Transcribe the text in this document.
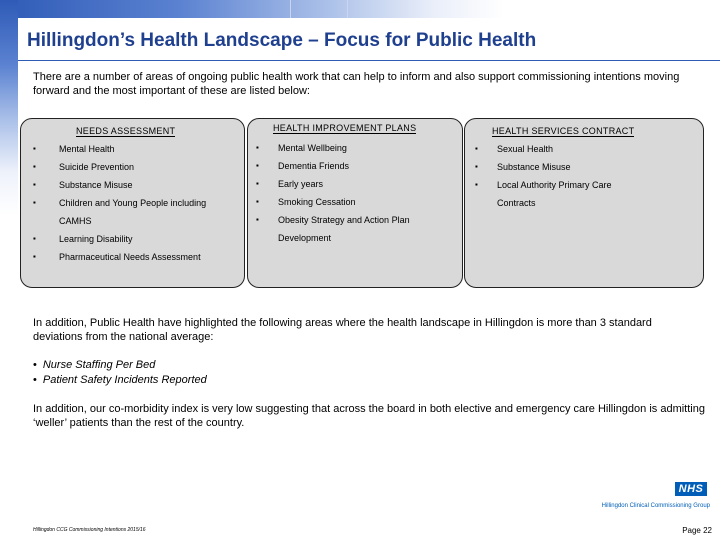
Hillingdon’s Health Landscape – Focus for Public Health
There are a number of areas of ongoing public health work that can help to inform and also support commissioning intentions moving forward and the most important of these are listed below:
NEEDS ASSESSMENT
▪	Mental Health
▪	Suicide Prevention
▪	Substance Misuse
▪	Children and Young People including
CAMHS
▪	Learning Disability
▪	Pharmaceutical Needs Assessment
HEALTH IMPROVEMENT PLANS
▪ Mental Wellbeing
▪ Dementia Friends
▪ Early years
▪ Smoking Cessation
▪ Obesity Strategy and Action Plan
Development
HEALTH SERVICES CONTRACT
▪ Sexual Health
▪ Substance Misuse
▪ Local Authority Primary Care
Contracts
In addition, Public Health have highlighted the following areas where the health landscape in Hillingdon is more than 3 standard deviations from the national average:
• Nurse Staffing Per Bed
• Patient Safety Incidents Reported
In addition, our co-morbidity index is very low suggesting that across the board in both elective and emergency care Hillingdon is admitting ‘weller’ patients than the rest of the country.
NHS
Hillingdon Clinical Commissioning Group
Hillingdon CCG Commissioning Intentions 2015/16	Page 22
